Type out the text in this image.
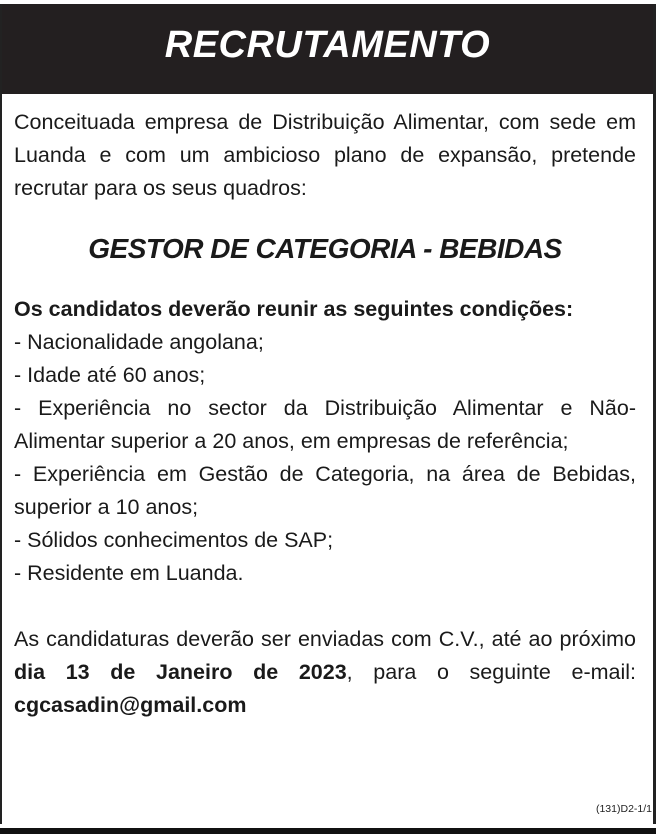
RECRUTAMENTO

Conceituada empresa de Distribuição Alimentar, com sede em Luanda e com um ambicioso plano de expansão, pretende recrutar para os seus quadros:

GESTOR DE CATEGORIA - BEBIDAS

Os candidatos deverão reunir as seguintes condições:

- Nacionalidade angolana;
- Idade até 60 anos;
- Experiência no sector da Distribuição Alimentar e Não-Alimentar superior a 20 anos, em empresas de referência;
- Experiência em Gestão de Categoria, na área de Bebidas, superior a 10 anos;
- Sólidos conhecimentos de SAP;
- Residente em Luanda.

As candidaturas deverão ser enviadas com C.V., até ao próximo dia 13 de Janeiro de 2023, para o seguinte e-mail: cgcasadin@gmail.com

(131)D2-1/1
